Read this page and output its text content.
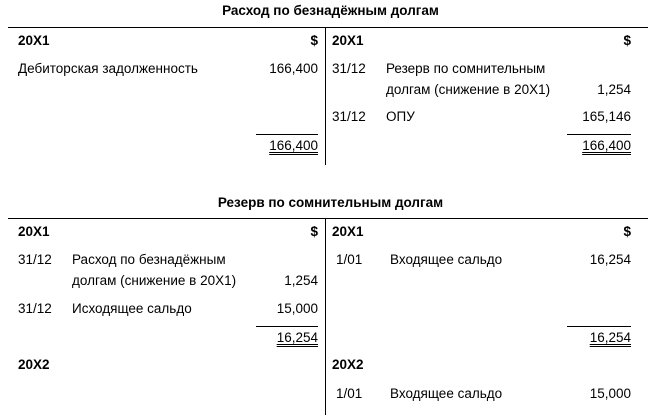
Расход по безнадёжным долгам
20X1	$
Дебиторская задолженность	166,400
166,400
20X1	$
31/12 Резерв по сомнительным
долгам (снижение в 20X1)	1,254
31/12 ОПУ	165,146
166,400
Резерв по сомнительным долгам
20X1	$
31/12 Расход по безнадёжным
долгам (снижение в 20X1)	1,254
31/12 Исходящее сальдо	15,000
16,254
20X2
20X1	$
1/01 Входящее сальдо	16,254
16,254
20X2
1/01 Входящее сальдо	15,000
